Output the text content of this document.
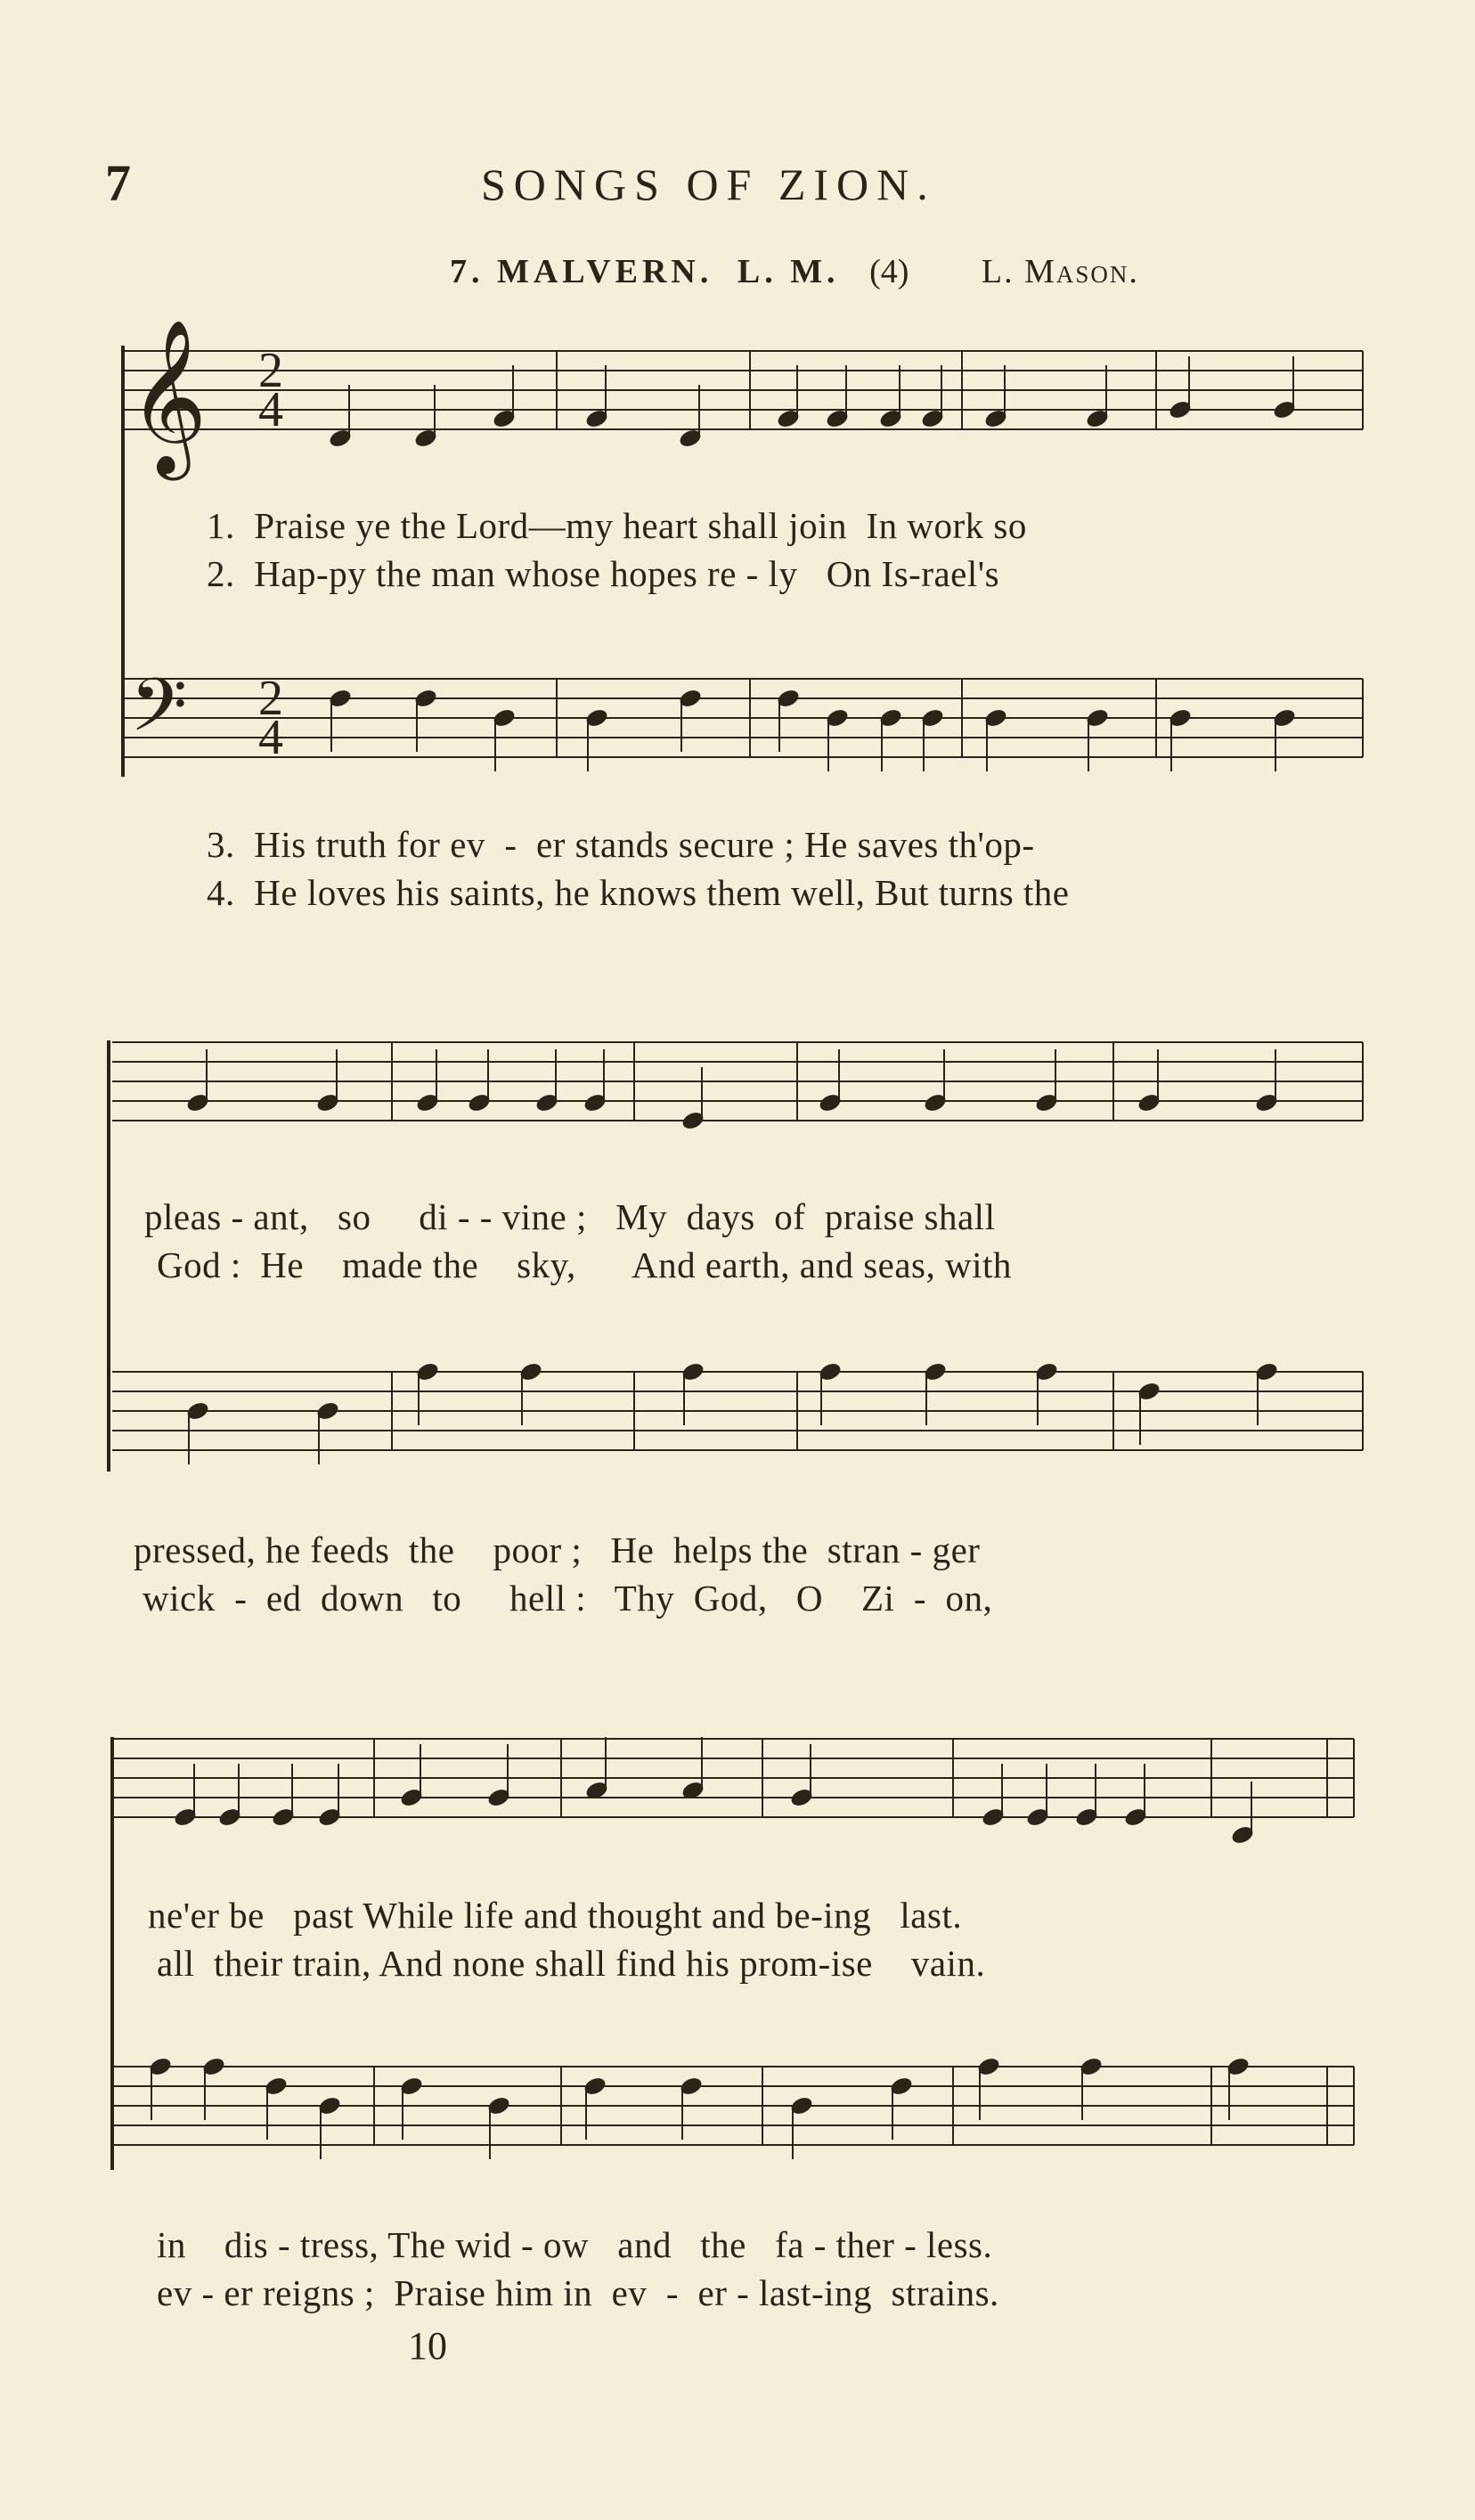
7	SONGS OF ZION.
7. MALVERN. L. M. (4) L. Mason.
𝄞 2
4
𝄢 2
4
1.  Praise ye the Lord—my heart shall join  In work so
2.  Hap-py the man whose hopes re - ly   On Is-rael's
3.  His truth for ev  -  er stands secure ; He saves th'op-
4.  He loves his saints, he knows them well, But turns the
pleas - ant,   so     di - - vine ;   My  days  of  praise shall
God :  He    made the    sky,      And earth, and seas, with
pressed, he feeds  the    poor ;   He  helps the  stran - ger
wick  -  ed  down   to     hell :   Thy  God,   O    Zi  -  on,
ne'er be   past While life and thought and be-ing   last.
all  their train, And none shall find his prom-ise    vain.
in    dis - tress, The wid - ow   and   the   fa - ther - less.
ev - er reigns ;  Praise him in  ev  -  er - last-ing  strains.
10
